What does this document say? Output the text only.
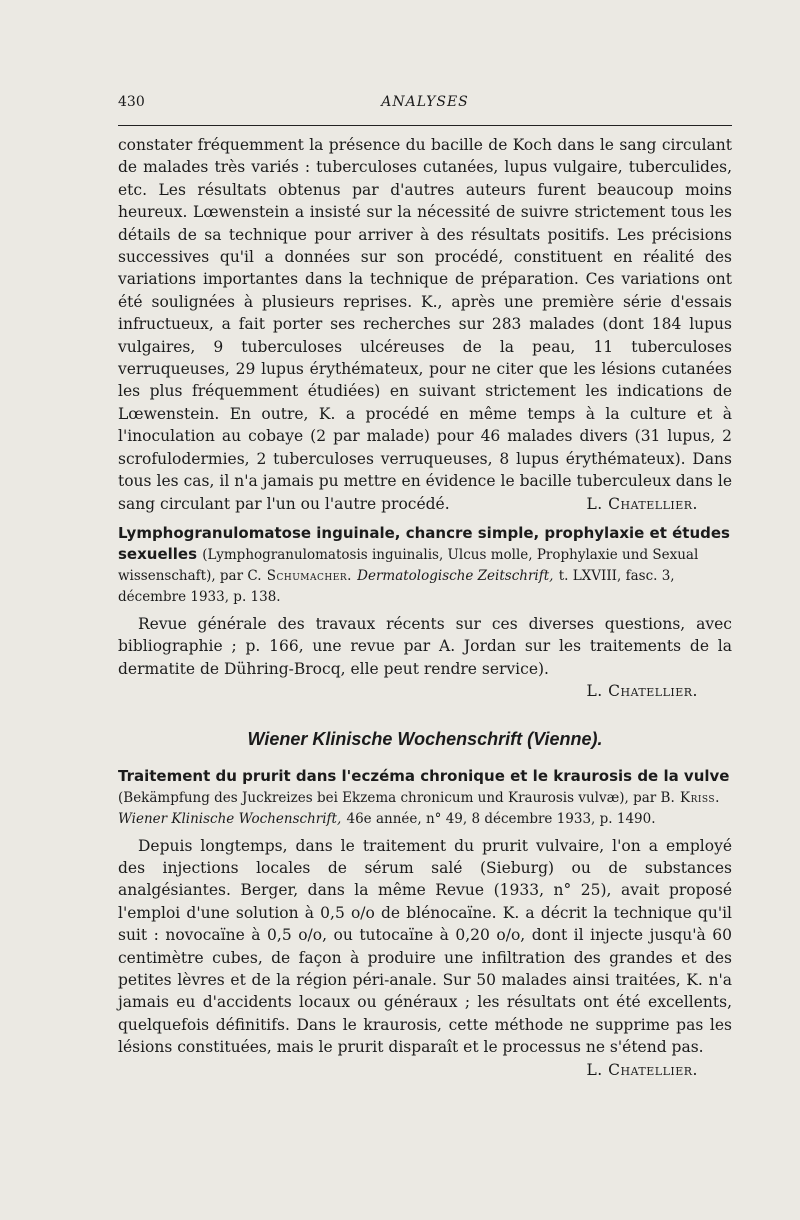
430	ANALYSES

constater fréquemment la présence du bacille de Koch dans le sang circulant de malades très variés : tuberculoses cutanées, lupus vulgaire, tuberculides, etc. Les résultats obtenus par d'autres auteurs furent beaucoup moins heureux. Lœwenstein a insisté sur la nécessité de suivre strictement tous les détails de sa technique pour arriver à des résultats positifs. Les précisions successives qu'il a données sur son procédé, constituent en réalité des variations importantes dans la technique de préparation. Ces variations ont été soulignées à plusieurs reprises. K., après une première série d'essais infructueux, a fait porter ses recherches sur 283 malades (dont 184 lupus vulgaires, 9 tuberculoses ulcéreuses de la peau, 11 tuberculoses verruqueuses, 29 lupus érythémateux, pour ne citer que les lésions cutanées les plus fréquemment étudiées) en suivant strictement les indications de Lœwenstein. En outre, K. a procédé en même temps à la culture et à l'inoculation au cobaye (2 par malade) pour 46 malades divers (31 lupus, 2 scrofulodermies, 2 tuberculoses verruqueuses, 8 lupus érythémateux). Dans tous les cas, il n'a jamais pu mettre en évidence le bacille tuberculeux dans le sang circulant par l'un ou l'autre procédé.	L. Chatellier.

Lymphogranulomatose inguinale, chancre simple, prophylaxie et études sexuelles (Lymphogranulomatosis inguinalis, Ulcus molle, Prophylaxie und Sexual wissenschaft), par C. Schumacher. Dermatologische Zeitschrift, t. LXVIII, fasc. 3, décembre 1933, p. 138.

Revue générale des travaux récents sur ces diverses questions, avec bibliographie ; p. 166, une revue par A. Jordan sur les traitements de la dermatite de Dühring-Brocq, elle peut rendre service).

L. Chatellier.

Wiener Klinische Wochenschrift (Vienne).
Traitement du prurit dans l'eczéma chronique et le kraurosis de la vulve (Bekämpfung des Juckreizes bei Ekzema chronicum und Kraurosis vulvæ), par B. Kriss. Wiener Klinische Wochenschrift, 46e année, n° 49, 8 décembre 1933, p. 1490.

Depuis longtemps, dans le traitement du prurit vulvaire, l'on a employé des injections locales de sérum salé (Sieburg) ou de substances analgésiantes. Berger, dans la même Revue (1933, n° 25), avait proposé l'emploi d'une solution à 0,5 o/o de blénocaïne. K. a décrit la technique qu'il suit : novocaïne à 0,5 o/o, ou tutocaïne à 0,20 o/o, dont il injecte jusqu'à 60 centimètre cubes, de façon à produire une infiltration des grandes et des petites lèvres et de la région péri-anale. Sur 50 malades ainsi traitées, K. n'a jamais eu d'accidents locaux ou généraux ; les résultats ont été excellents, quelquefois définitifs. Dans le kraurosis, cette méthode ne supprime pas les lésions constituées, mais le prurit disparaît et le processus ne s'étend pas.
L. Chatellier.
